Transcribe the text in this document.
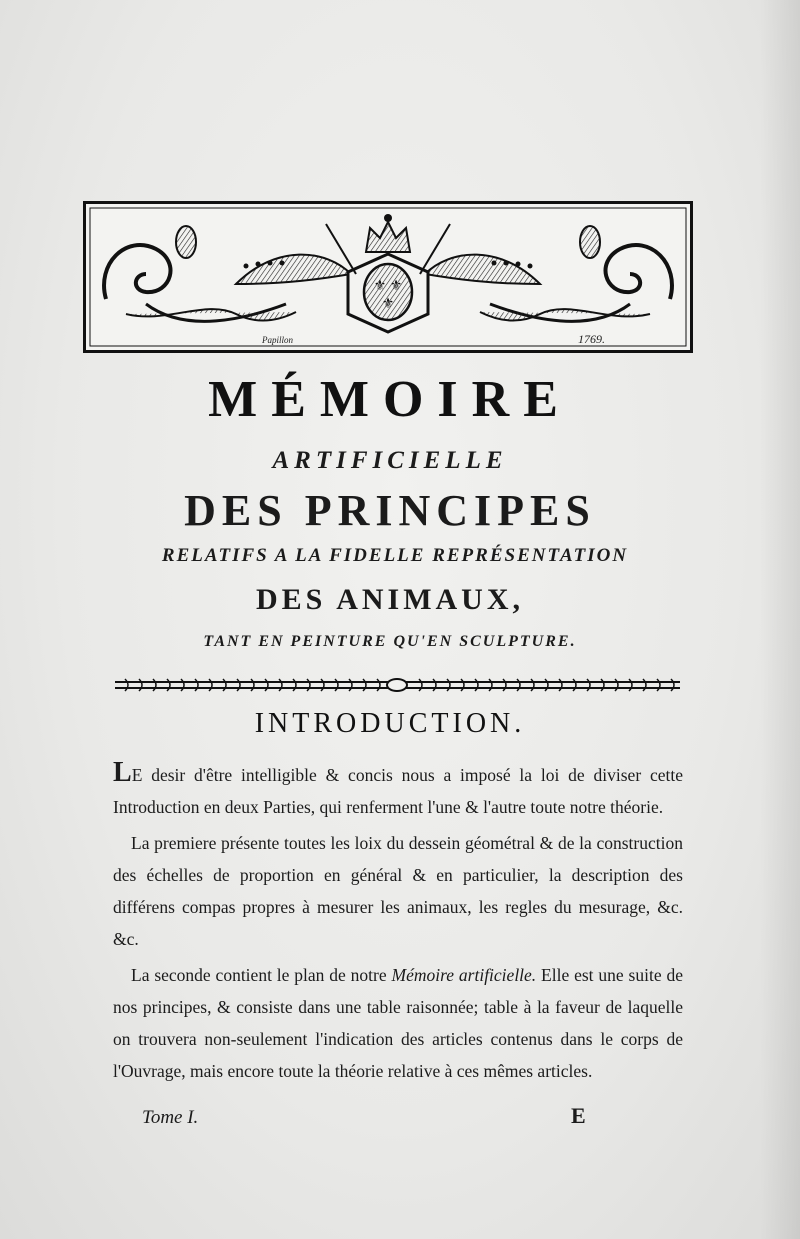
⚜ ⚜
⚜
Papillon	1769.
MÉMOIRE
ARTIFICIELLE
DES PRINCIPES
RELATIFS A LA FIDELLE REPRÉSENTATION
DES ANIMAUX,
TANT EN PEINTURE QU'EN SCULPTURE.
INTRODUCTION.

LE desir d'être intelligible & concis nous a imposé la loi de diviser cette Introduction en deux Parties, qui renferment l'une & l'autre toute notre théorie.

La premiere présente toutes les loix du dessein géométral & de la construction des échelles de proportion en général & en particulier, la description des différens compas propres à mesurer les animaux, les regles du mesurage, &c. &c.

La seconde contient le plan de notre Mémoire artificielle. Elle est une suite de nos principes, & consiste dans une table raisonnée; table à la faveur de laquelle on trouvera non-seulement l'indication des articles contenus dans le corps de l'Ouvrage, mais encore toute la théorie relative à ces mêmes articles.

Tome I.	E
